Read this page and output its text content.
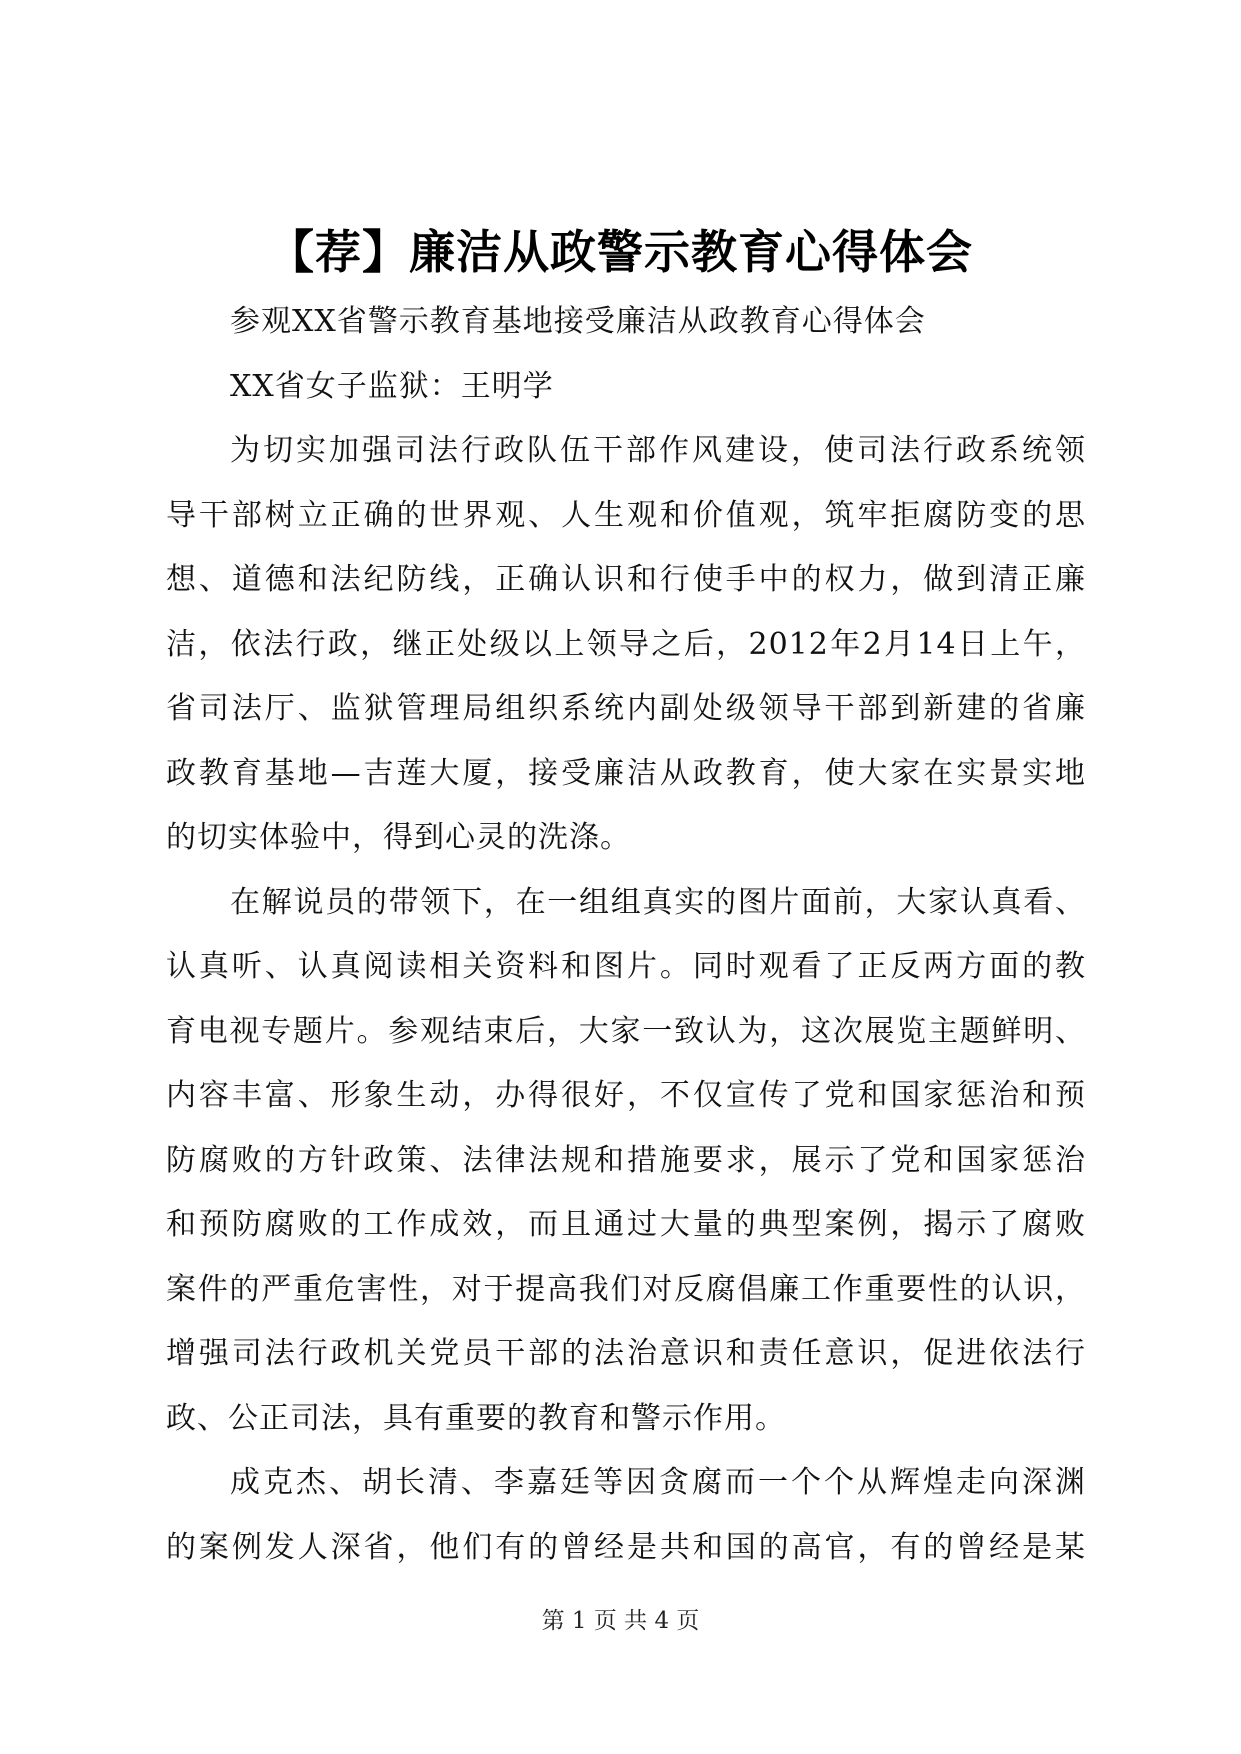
【荐】廉洁从政警示教育心得体会
参观XX省警示教育基地接受廉洁从政教育心得体会
XX省女子监狱：王明学
为切实加强司法行政队伍干部作风建设，使司法行政系统领
导干部树立正确的世界观、人生观和价值观，筑牢拒腐防变的思
想、道德和法纪防线，正确认识和行使手中的权力，做到清正廉
洁，依法行政，继正处级以上领导之后，2012年2月14日上午，
省司法厅、监狱管理局组织系统内副处级领导干部到新建的省廉
政教育基地—吉莲大厦，接受廉洁从政教育，使大家在实景实地
的切实体验中，得到心灵的洗涤。
在解说员的带领下，在一组组真实的图片面前，大家认真看、
认真听、认真阅读相关资料和图片。同时观看了正反两方面的教
育电视专题片。参观结束后，大家一致认为，这次展览主题鲜明、
内容丰富、形象生动，办得很好，不仅宣传了党和国家惩治和预
防腐败的方针政策、法律法规和措施要求，展示了党和国家惩治
和预防腐败的工作成效，而且通过大量的典型案例，揭示了腐败
案件的严重危害性，对于提高我们对反腐倡廉工作重要性的认识，
增强司法行政机关党员干部的法治意识和责任意识，促进依法行
政、公正司法，具有重要的教育和警示作用。
成克杰、胡长清、李嘉廷等因贪腐而一个个从辉煌走向深渊
的案例发人深省，他们有的曾经是共和国的高官，有的曾经是某
第 1 页 共 4 页
